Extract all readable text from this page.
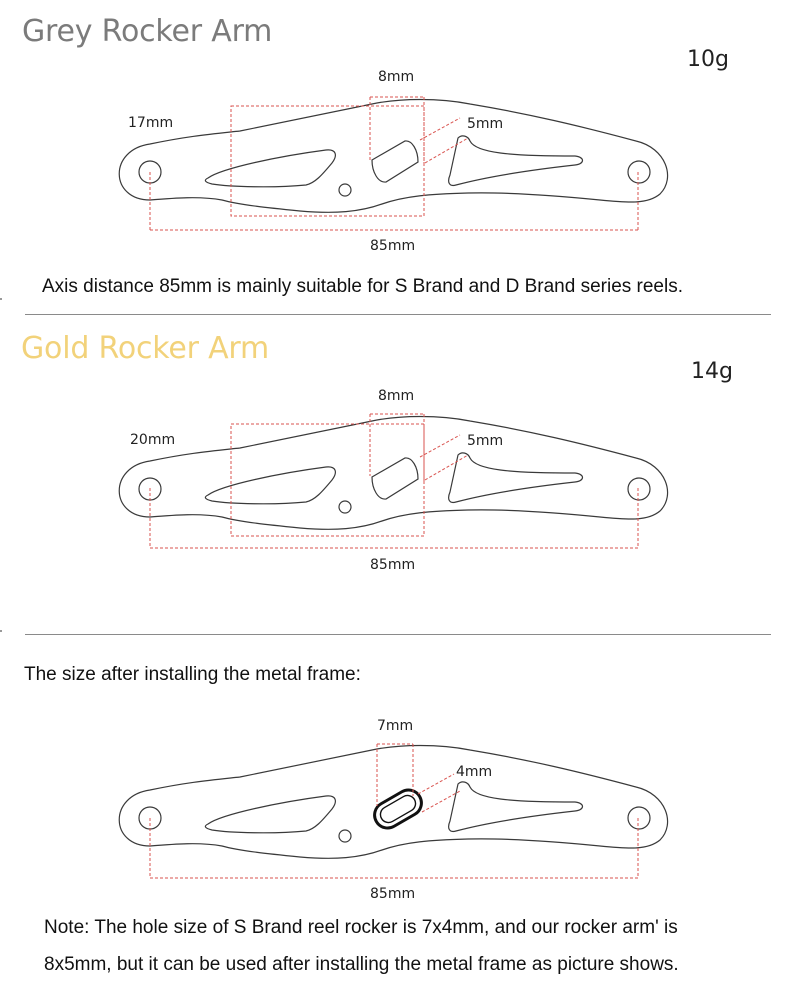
Grey Rocker Arm
10g
8mm
17mm	5mm
85mm
Axis distance 85mm is mainly suitable for S Brand and D Brand series reels.
Gold Rocker Arm
14g
8mm
20mm	5mm
85mm
The size after installing the metal frame:
7mm
4mm
85mm
Note: The hole size of S Brand reel rocker is 7x4mm, and our rocker arm' is
8x5mm, but it can be used after installing the metal frame as picture shows.
